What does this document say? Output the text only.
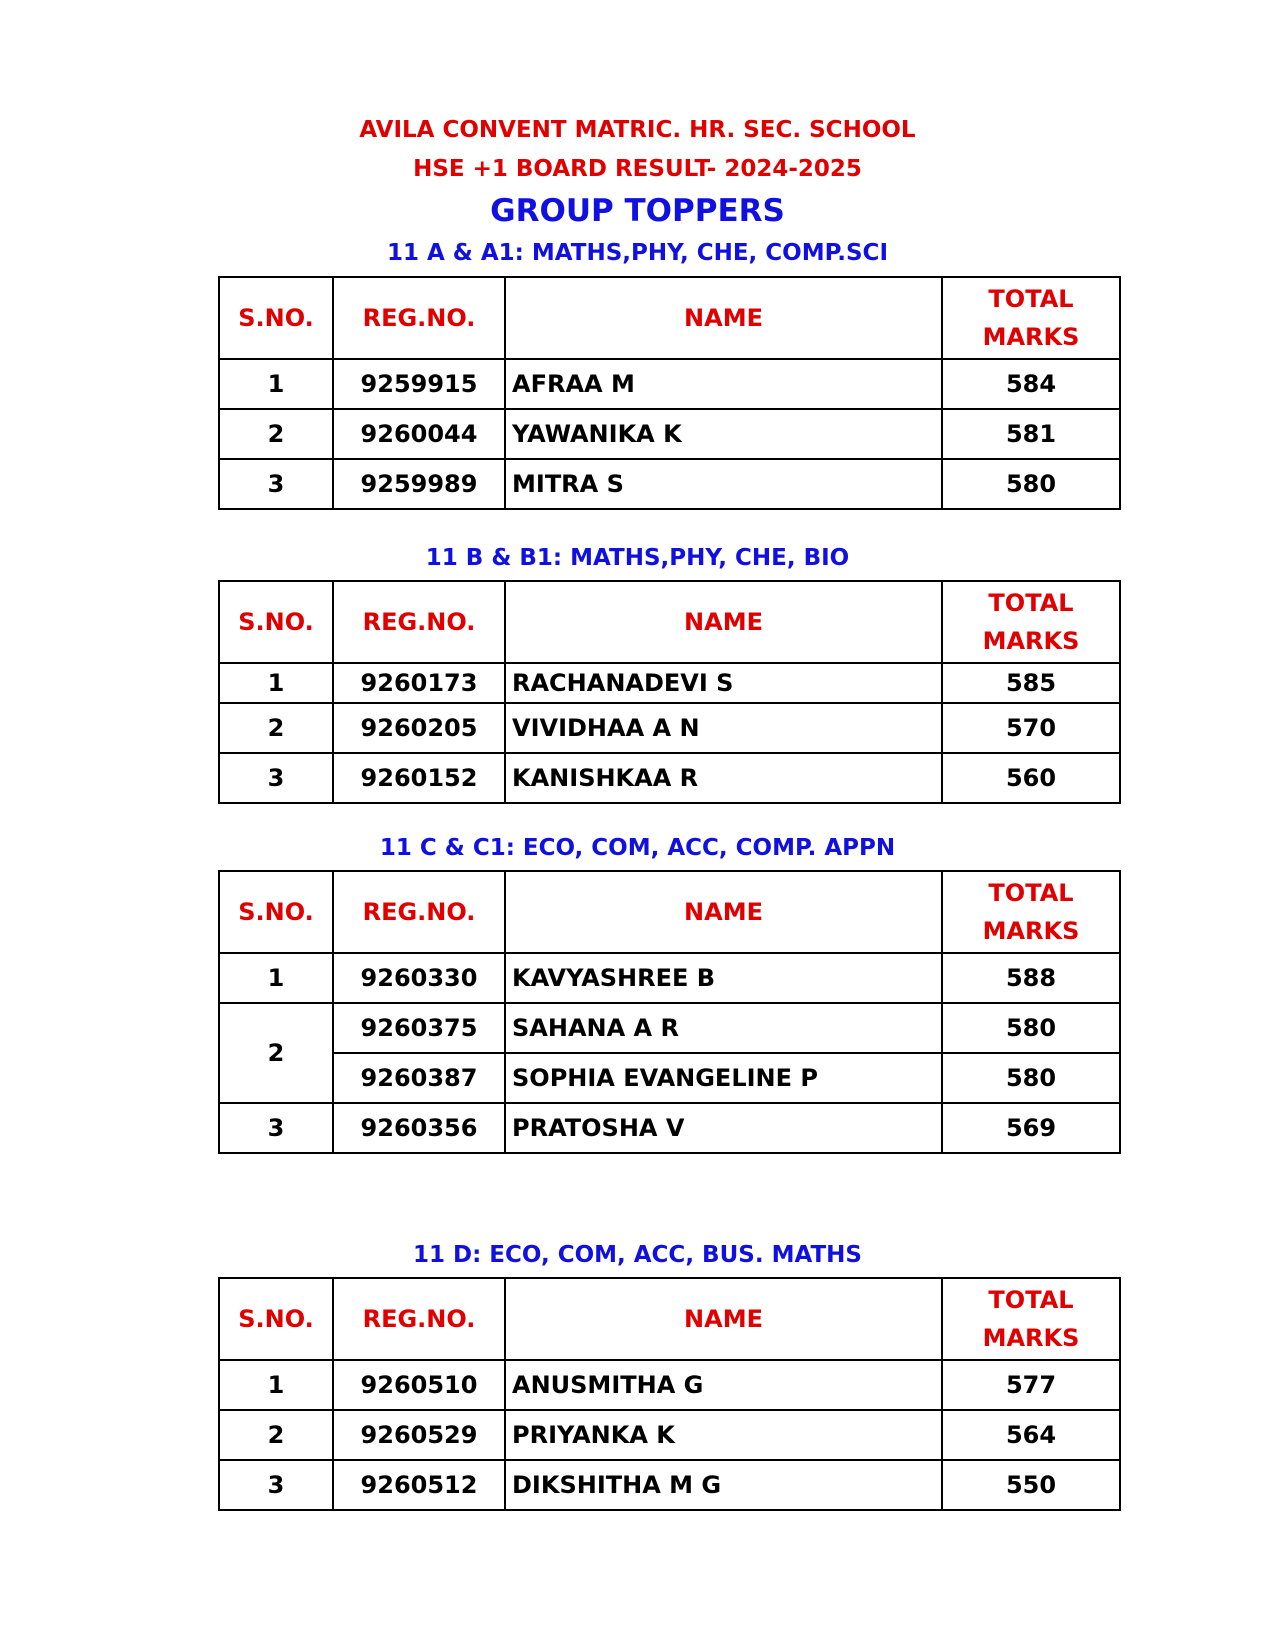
AVILA CONVENT MATRIC. HR. SEC. SCHOOL
HSE +1 BOARD RESULT- 2024-2025
GROUP TOPPERS
11 A & A1: MATHS,PHY, CHE, COMP.SCI
S.NO.	REG.NO.	NAME	TOTAL
MARKS
1	9259915	AFRAA M	584
2	9260044	YAWANIKA K	581
3	9259989	MITRA S	580
11 B & B1: MATHS,PHY, CHE, BIO
S.NO.	REG.NO.	NAME	TOTAL
MARKS
1	9260173	RACHANADEVI S	585
2	9260205	VIVIDHAA A N	570
3	9260152	KANISHKAA R	560
11 C & C1: ECO, COM, ACC, COMP. APPN
S.NO.	REG.NO.	NAME	TOTAL
MARKS
1	9260330	KAVYASHREE B	588
2	9260375	SAHANA A R	580
	9260387	SOPHIA EVANGELINE P	580
3	9260356	PRATOSHA V	569
11 D: ECO, COM, ACC, BUS. MATHS
S.NO.	REG.NO.	NAME	TOTAL
MARKS
1	9260510	ANUSMITHA G	577
2	9260529	PRIYANKA K	564
3	9260512	DIKSHITHA M G	550
